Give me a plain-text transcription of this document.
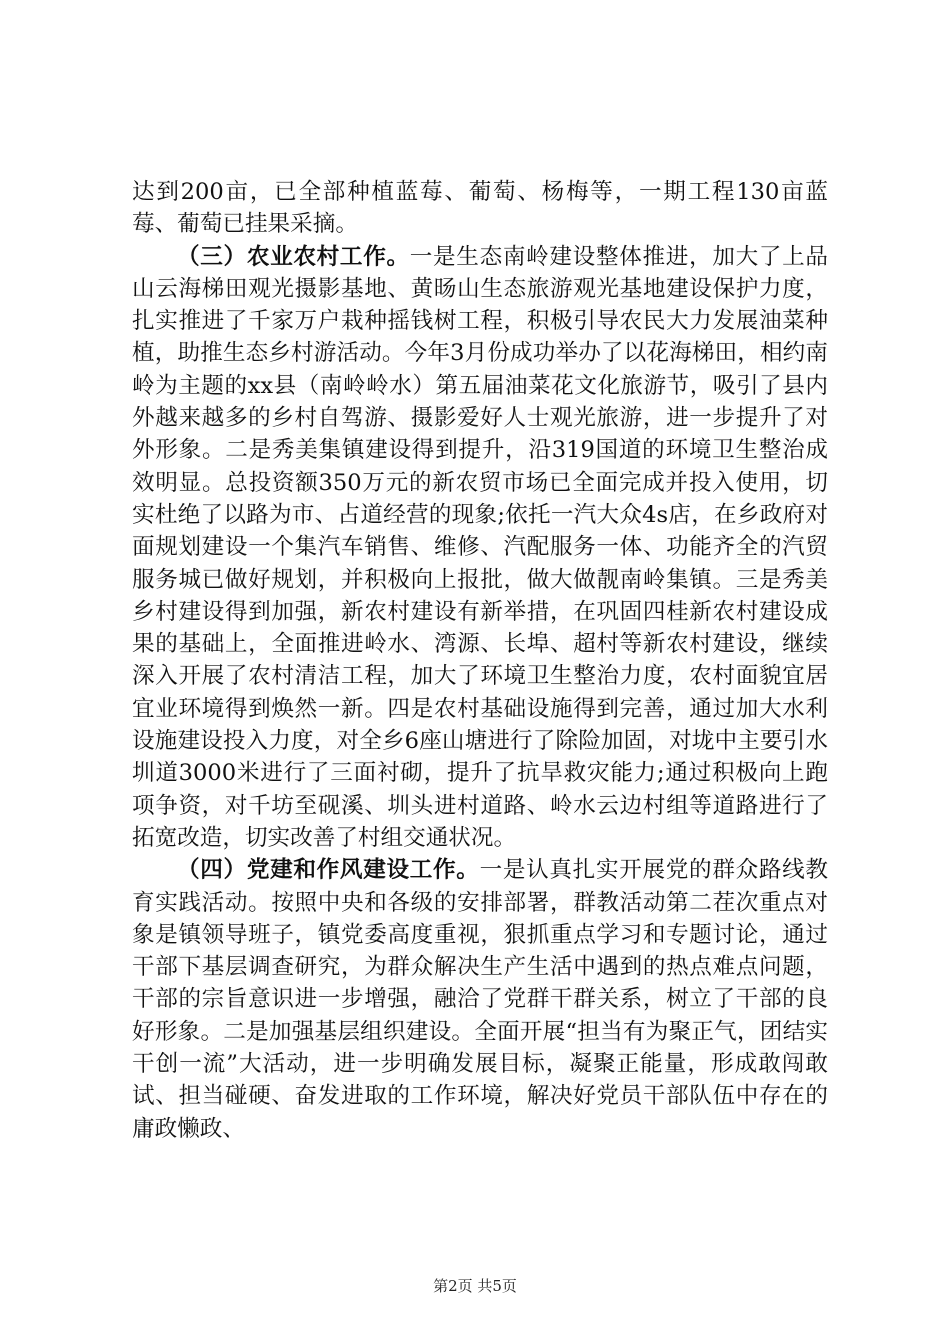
达到200亩，已全部种植蓝莓、葡萄、杨梅等，一期工程130亩蓝莓、葡萄已挂果采摘。

（三）农业农村工作。一是生态南岭建设整体推进，加大了上品山云海梯田观光摄影基地、黄旸山生态旅游观光基地建设保护力度，扎实推进了千家万户栽种摇钱树工程，积极引导农民大力发展油菜种植，助推生态乡村游活动。今年3月份成功举办了以花海梯田，相约南岭为主题的xx县（南岭岭水）第五届油菜花文化旅游节，吸引了县内外越来越多的乡村自驾游、摄影爱好人士观光旅游，进一步提升了对外形象。二是秀美集镇建设得到提升，沿319国道的环境卫生整治成效明显。总投资额350万元的新农贸市场已全面完成并投入使用，切实杜绝了以路为市、占道经营的现象;依托一汽大众4s店，在乡政府对面规划建设一个集汽车销售、维修、汽配服务一体、功能齐全的汽贸服务城已做好规划，并积极向上报批，做大做靓南岭集镇。三是秀美乡村建设得到加强，新农村建设有新举措，在巩固四桂新农村建设成果的基础上，全面推进岭水、湾源、长埠、超村等新农村建设，继续深入开展了农村清洁工程，加大了环境卫生整治力度，农村面貌宜居宜业环境得到焕然一新。四是农村基础设施得到完善，通过加大水利设施建设投入力度，对全乡6座山塘进行了除险加固，对垅中主要引水圳道3000米进行了三面衬砌，提升了抗旱救灾能力;通过积极向上跑项争资，对千坊至砚溪、圳头进村道路、岭水云边村组等道路进行了拓宽改造，切实改善了村组交通状况。

（四）党建和作风建设工作。一是认真扎实开展党的群众路线教育实践活动。按照中央和各级的安排部署，群教活动第二茬次重点对象是镇领导班子，镇党委高度重视，狠抓重点学习和专题讨论，通过干部下基层调查研究，为群众解决生产生活中遇到的热点难点问题，干部的宗旨意识进一步增强，融洽了党群干群关系，树立了干部的良好形象。二是加强基层组织建设。全面开展“担当有为聚正气，团结实干创一流”大活动，进一步明确发展目标，凝聚正能量，形成敢闯敢试、担当碰硬、奋发进取的工作环境，解决好党员干部队伍中存在的庸政懒政、

第2页 共5页
